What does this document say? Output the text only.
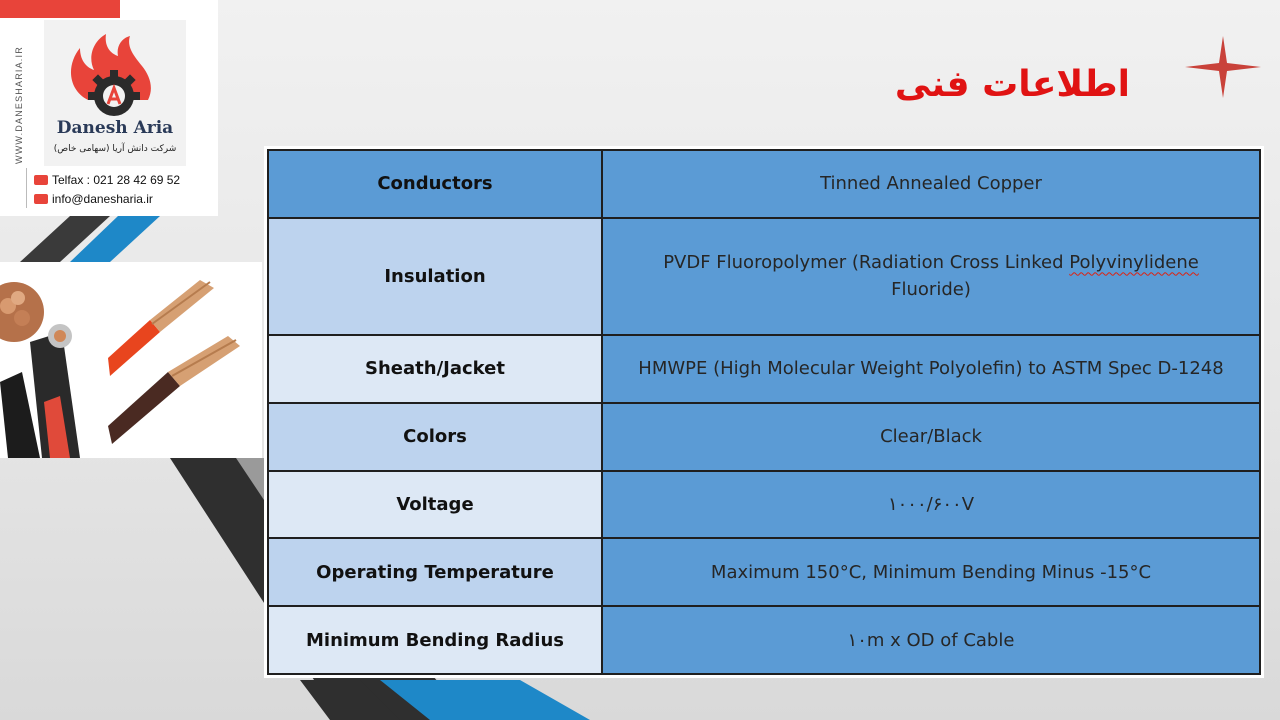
WWW.DANESHARIA.IR	Danesh Aria
شرکت دانش آریا (سهامی خاص)
Telfax : 021 28 42 69 52
info@danesharia.ir
اطلاعات فنی
Conductors	Tinned Annealed Copper
Insulation	PVDF Fluoropolymer (Radiation Cross Linked Polyvinylidene Fluoride)
Sheath/Jacket	HMWPE (High Molecular Weight Polyolefin) to ASTM Spec D-1248
Colors	Clear/Black
Voltage	۱۰۰۰/۶۰۰V
Operating Temperature	Maximum 150°C, Minimum Bending Minus -15°C
Minimum Bending Radius	۱۰m x OD of Cable
